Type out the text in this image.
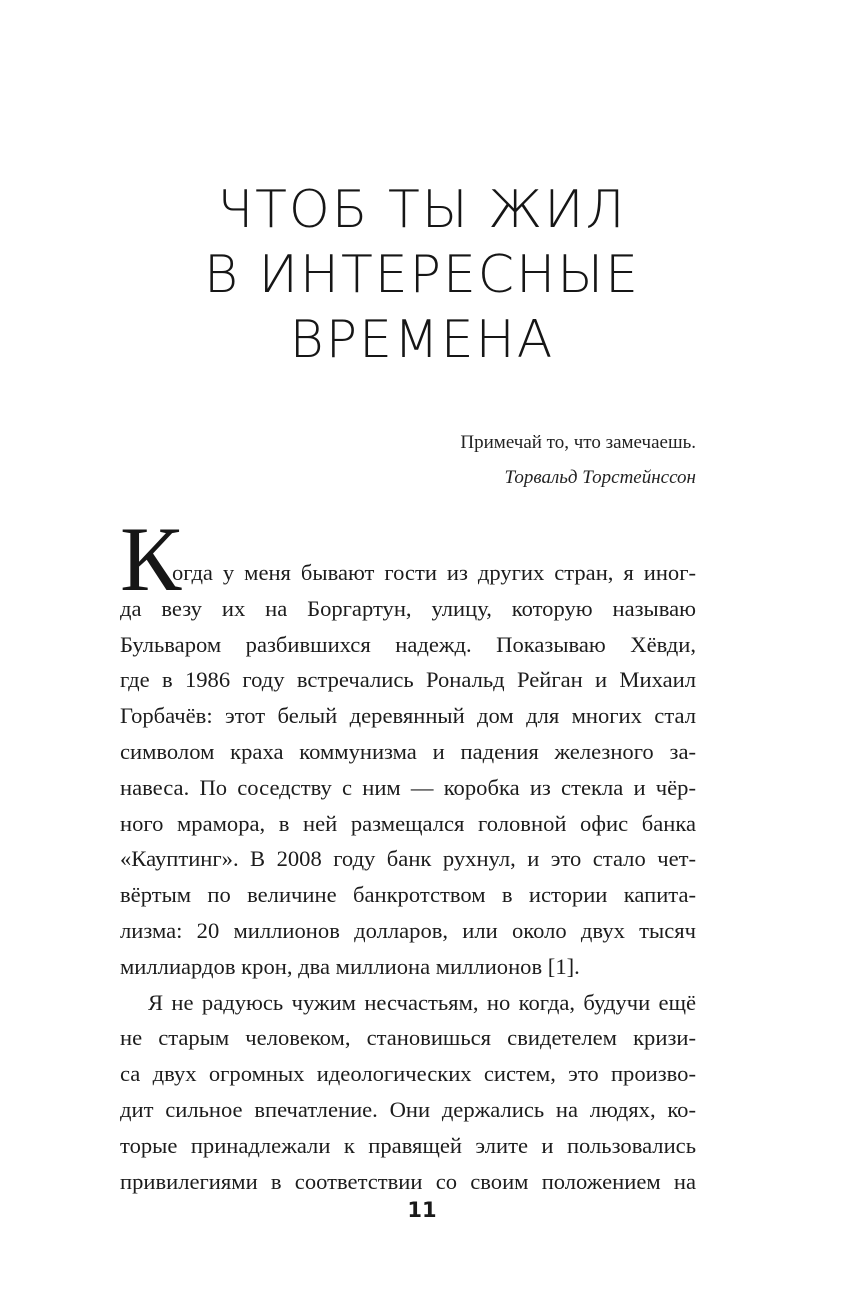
ЧТОБ ТЫ ЖИЛ
В ИНТЕРЕСНЫЕ
ВРЕМЕНА
Примечай то, что замечаешь.
Торвальд Торстейнссон
К
огда у меня бывают гости из других стран, я иног-
да везу их на Боргартун, улицу, которую называю
Бульваром разбившихся надежд. Показываю Хёвди,
где в 1986 году встречались Рональд Рейган и Михаил
Горбачёв: этот белый деревянный дом для многих стал
символом краха коммунизма и падения железного за-
навеса. По соседству с ним — коробка из стекла и чёр-
ного мрамора, в ней размещался головной офис банка
«Кауптинг». В 2008 году банк рухнул, и это стало чет-
вёртым по величине банкротством в истории капита-
лизма: 20 миллионов долларов, или около двух тысяч
миллиардов крон, два миллиона миллионов [1].
Я не радуюсь чужим несчастьям, но когда, будучи ещё
не старым человеком, становишься свидетелем кризи-
са двух огромных идеологических систем, это произво-
дит сильное впечатление. Они держались на людях, ко-
торые принадлежали к правящей элите и пользовались
привилегиями в соответствии со своим положением на
11
